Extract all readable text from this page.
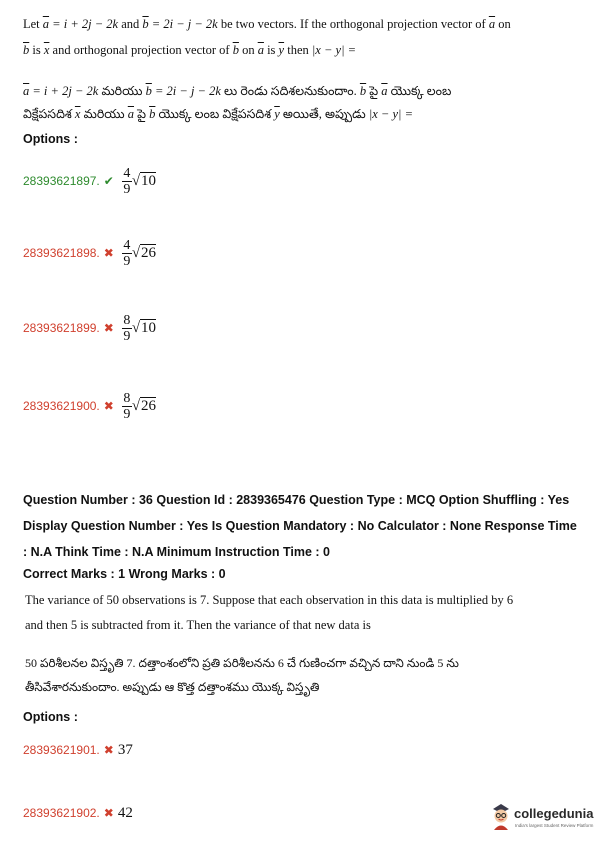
Let $\overline{a} = i + 2j - 2k$ and $\overline{b} = 2i - j - 2k$ be two vectors. If the orthogonal projection vector of $\overline{a}$ on
$\overline{b}$ is $\overline{x}$ and orthogonal projection vector of $\overline{b}$ on $\overline{a}$ is $\overline{y}$ then |x − y| =
$\overline{a} = i + 2j - 2k$ మరియు $\overline{b} = 2i - j - 2k$ లు రెండు సదిశలనుకుందాం. $\overline{b}$ పై $\overline{a}$ యొక్క లంబ
విక్షేపసదిశ $\overline{x}$ మరియు $\overline{a}$ పై $\overline{b}$ యొక్క లంబ విక్షేపసదిశ $\overline{y}$ అయితే, అప్పుడు |x − y| =
Options :
28393621897. ✔ $\frac{4}{9} √10$
28393621898. ✖ $\frac{4}{9} √26$
28393621899. ✖ $\frac{8}{9} √10$
28393621900. ✖ $\frac{8}{9} √26$
Question Number : 36 Question Id : 2839365476 Question Type : MCQ Option Shuffling : Yes
Display Question Number : Yes Is Question Mandatory : No Calculator : None Response Time
: N.A Think Time : N.A Minimum Instruction Time : 0
Correct Marks : 1 Wrong Marks : 0
The variance of 50 observations is 7. Suppose that each observation in this data is multiplied by 6
and then 5 is subtracted from it. Then the variance of that new data is
50 పరిశీలనల విస్తృతి 7. దత్తాంశంలోని ప్రతి పరిశీలనను 6 చే గుణించగా వచ్చిన దాని నుండి 5 ను
తీసివేశారనుకుందాం. అప్పుడు ఆ కొత్త దత్తాంశము యొక్క విస్తృతి
Options :
28393621901. ✖ 37
28393621902. ✖ 42	collegedunia
India's largest Student Review Platform
